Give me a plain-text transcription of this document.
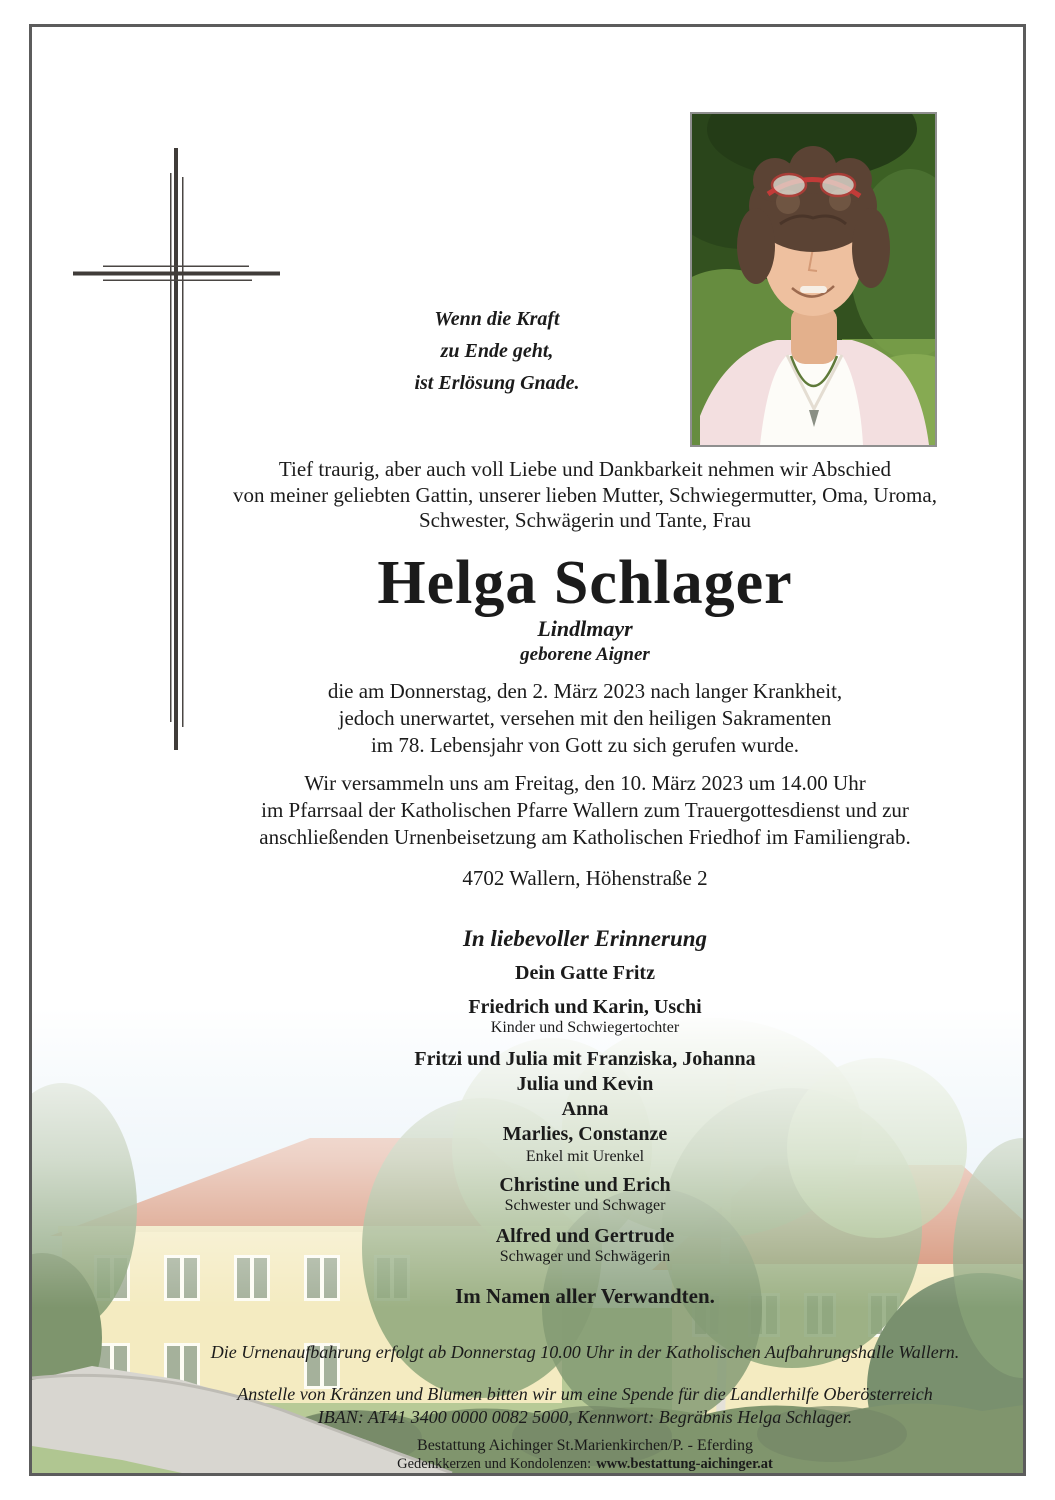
Wenn die Kraft
zu Ende geht,
ist Erlösung Gnade.
Tief traurig, aber auch voll Liebe und Dankbarkeit nehmen wir Abschied
von meiner geliebten Gattin, unserer lieben Mutter, Schwiegermutter, Oma, Uroma,
Schwester, Schwägerin und Tante, Frau
Helga Schlager
Lindlmayr
geborene Aigner
die am Donnerstag, den 2. März 2023 nach langer Krankheit,
jedoch unerwartet, versehen mit den heiligen Sakramenten
im 78. Lebensjahr von Gott zu sich gerufen wurde.
Wir versammeln uns am Freitag, den 10. März 2023 um 14.00 Uhr
im Pfarrsaal der Katholischen Pfarre Wallern zum Trauergottesdienst und zur
anschließenden Urnenbeisetzung am Katholischen Friedhof im Familiengrab.
4702 Wallern, Höhenstraße 2
In liebevoller Erinnerung
Dein Gatte Fritz
Friedrich und Karin, Uschi
Kinder und Schwiegertochter
Fritzi und Julia mit Franziska, Johanna
Julia und Kevin
Anna
Marlies, Constanze
Enkel mit Urenkel
Christine und Erich
Schwester und Schwager
Alfred und Gertrude
Schwager und Schwägerin
Im Namen aller Verwandten.
Die Urnenaufbahrung erfolgt ab Donnerstag 10.00 Uhr in der Katholischen Aufbahrungshalle Wallern.
Anstelle von Kränzen und Blumen bitten wir um eine Spende für die Landlerhilfe Oberösterreich
IBAN: AT41 3400 0000 0082 5000, Kennwort: Begräbnis Helga Schlager.
Bestattung Aichinger St.Marienkirchen/P. - Eferding
Gedenkkerzen und Kondolenzen: www.bestattung-aichinger.at
